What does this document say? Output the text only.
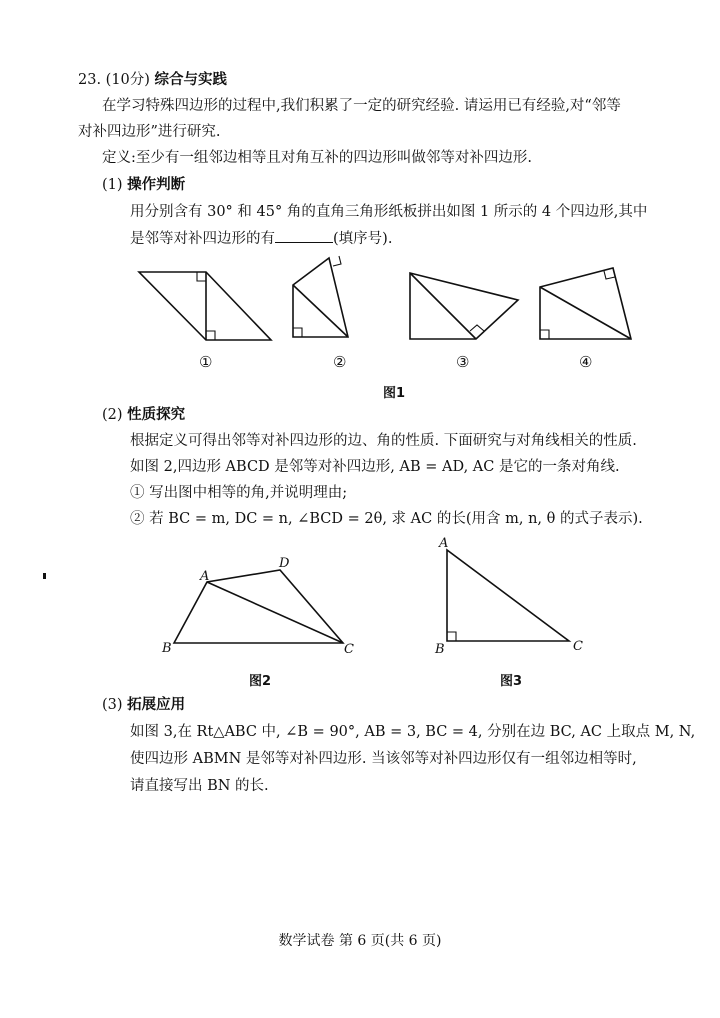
23. (10分) 综合与实践
在学习特殊四边形的过程中,我们积累了一定的研究经验. 请运用已有经验,对“邻等
对补四边形”进行研究.
定义:至少有一组邻边相等且对角互补的四边形叫做邻等对补四边形.
(1) 操作判断
用分别含有 30° 和 45° 角的直角三角形纸板拼出如图 1 所示的 4 个四边形,其中
是邻等对补四边形的有	(填序号).
①	②	③	④
图1
(2) 性质探究
根据定义可得出邻等对补四边形的边、角的性质. 下面研究与对角线相关的性质.
如图 2,四边形 ABCD 是邻等对补四边形, AB = AD, AC 是它的一条对角线.
① 写出图中相等的角,并说明理由;
② 若 BC = m, DC = n, ∠BCD = 2θ, 求 AC 的长(用含 m, n, θ 的式子表示).
A
D
B	C
图2
A
B	C
图3
(3) 拓展应用
如图 3,在 Rt△ABC 中, ∠B = 90°, AB = 3, BC = 4, 分别在边 BC, AC 上取点 M, N,
使四边形 ABMN 是邻等对补四边形. 当该邻等对补四边形仅有一组邻边相等时,
请直接写出 BN 的长.
数学试卷 第 6 页(共 6 页)
